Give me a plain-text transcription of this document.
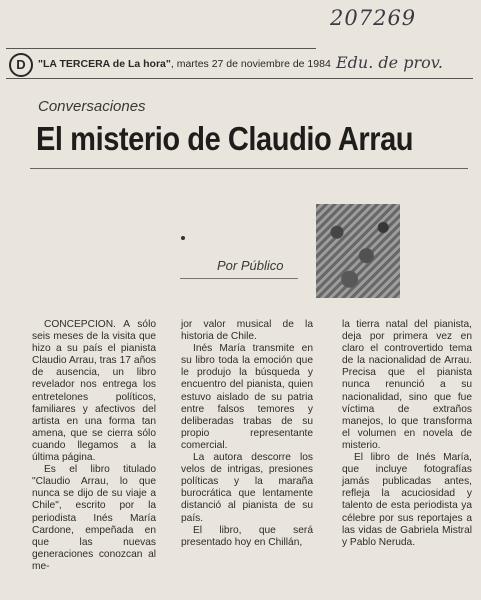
207269
Edu. de prov.
D	"LA TERCERA de La hora", martes 27 de noviembre de 1984
Conversaciones
El misterio de Claudio Arrau
Por Público

CONCEPCION. A sólo seis meses de la visita que hizo a su país el pianista Claudio Arrau, tras 17 años de ausencia, un libro revelador nos entrega los entretelones políticos, familiares y afectivos del artista en una forma tan amena, que se cierra sólo cuando llegamos a la última página.

Es el libro titulado "Claudio Arrau, lo que nunca se dijo de su viaje a Chile", escrito por la periodista Inés María Cardone, empeñada en que las nuevas generaciones conozcan al me-

jor valor musical de la historia de Chile.

Inés María transmite en su libro toda la emoción que le produjo la búsqueda y encuentro del pianista, quien estuvo aislado de su patria entre falsos temores y deliberadas trabas de su propio representante comercial.

La autora descorre los velos de intrigas, presiones políticas y la maraña burocrática que lentamente distanció al pianista de su país.

El libro, que será presentado hoy en Chillán,

la tierra natal del pianista, deja por primera vez en claro el controvertido tema de la nacionalidad de Arrau. Precisa que el pianista nunca renunció a su nacionalidad, sino que fue víctima de extraños manejos, lo que transforma el volumen en novela de misterio.

El libro de Inés María, que incluye fotografías jamás publicadas antes, refleja la acuciosidad y talento de esta periodista ya célebre por sus reportajes a las vidas de Gabriela Mistral y Pablo Neruda.
